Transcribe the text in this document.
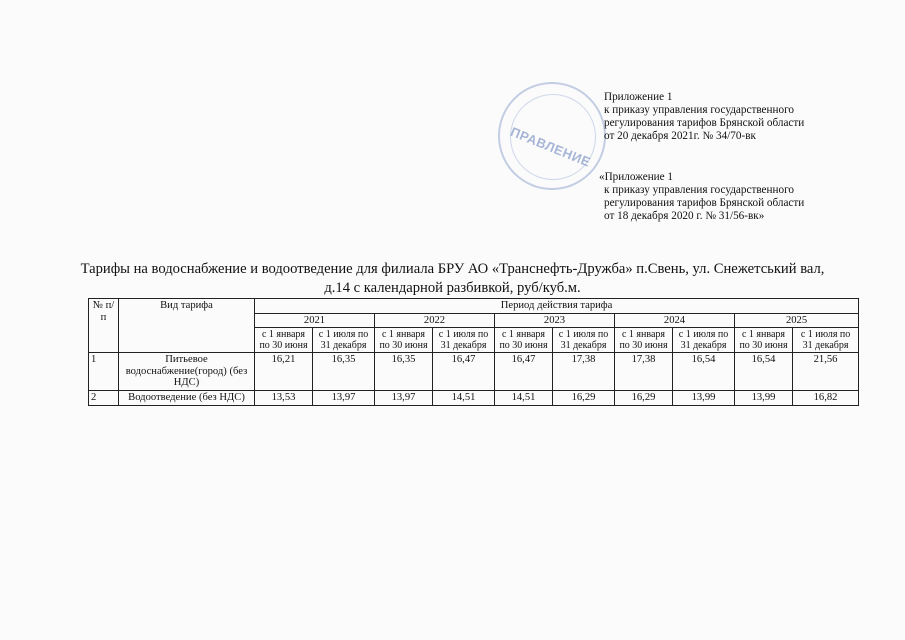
ПРАВЛЕНИЕ
Приложение 1
к приказу управления государственного
регулирования тарифов Брянской области
от 20 декабря 2021г. № 34/70-вк
«Приложение 1
к приказу управления государственного
регулирования тарифов Брянской области
от 18 декабря 2020 г. № 31/56-вк»
Тарифы на водоснабжение и водоотведение для филиала БРУ АО «Транснефть-Дружба» п.Свень, ул. Снежетський вал,
д.14 с календарной разбивкой, руб/куб.м.
№ п/п	Вид тарифа	Период действия тарифа									
		2021		2022		2023		2024		2025	
		с 1 января по 30 июня	с 1 июля по 31 декабря	с 1 января по 30 июня	с 1 июля по 31 декабря	с 1 января по 30 июня	с 1 июля по 31 декабря	с 1 января по 30 июня	с 1 июля по 31 декабря	с 1 января по 30 июня	с 1 июля по 31 декабря
1	Питьевое водоснабжение(город) (без НДС)	16,21	16,35	16,35	16,47	16,47	17,38	17,38	16,54	16,54	21,56
2	Водоотведение (без НДС)	13,53	13,97	13,97	14,51	14,51	16,29	16,29	13,99	13,99	16,82
